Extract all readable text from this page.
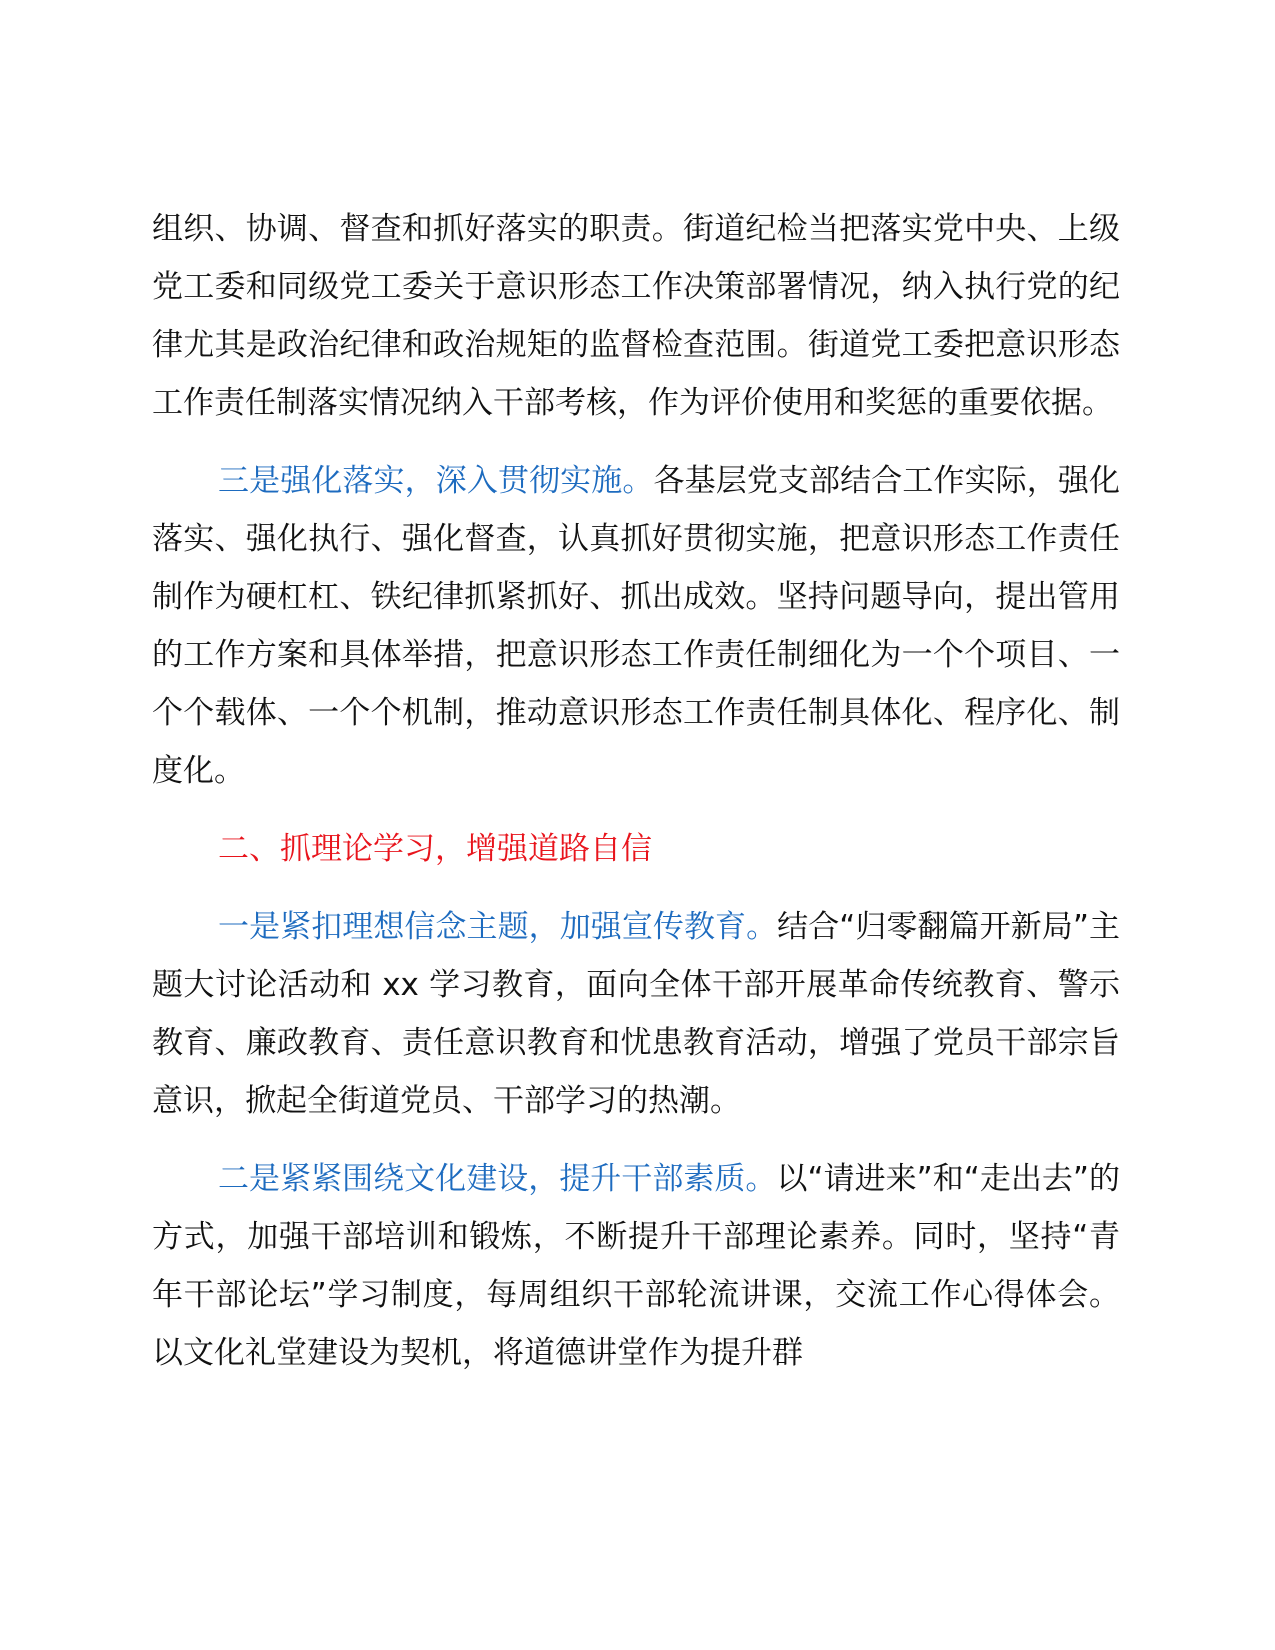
组织、协调、督查和抓好落实的职责。街道纪检当把落实党中央、上级党工委和同级党工委关于意识形态工作决策部署情况，纳入执行党的纪律尤其是政治纪律和政治规矩的监督检查范围。街道党工委把意识形态工作责任制落实情况纳入干部考核，作为评价使用和奖惩的重要依据。

三是强化落实，深入贯彻实施。各基层党支部结合工作实际，强化落实、强化执行、强化督查，认真抓好贯彻实施，把意识形态工作责任制作为硬杠杠、铁纪律抓紧抓好、抓出成效。坚持问题导向，提出管用的工作方案和具体举措，把意识形态工作责任制细化为一个个项目、一个个载体、一个个机制，推动意识形态工作责任制具体化、程序化、制度化。

二、抓理论学习，增强道路自信

一是紧扣理想信念主题，加强宣传教育。结合“归零翻篇开新局”主题大讨论活动和 xx 学习教育，面向全体干部开展革命传统教育、警示教育、廉政教育、责任意识教育和忧患教育活动，增强了党员干部宗旨意识，掀起全街道党员、干部学习的热潮。

二是紧紧围绕文化建设，提升干部素质。以“请进来”和“走出去”的方式，加强干部培训和锻炼，不断提升干部理论素养。同时，坚持“青年干部论坛”学习制度，每周组织干部轮流讲课，交流工作心得体会。以文化礼堂建设为契机，将道德讲堂作为提升群
